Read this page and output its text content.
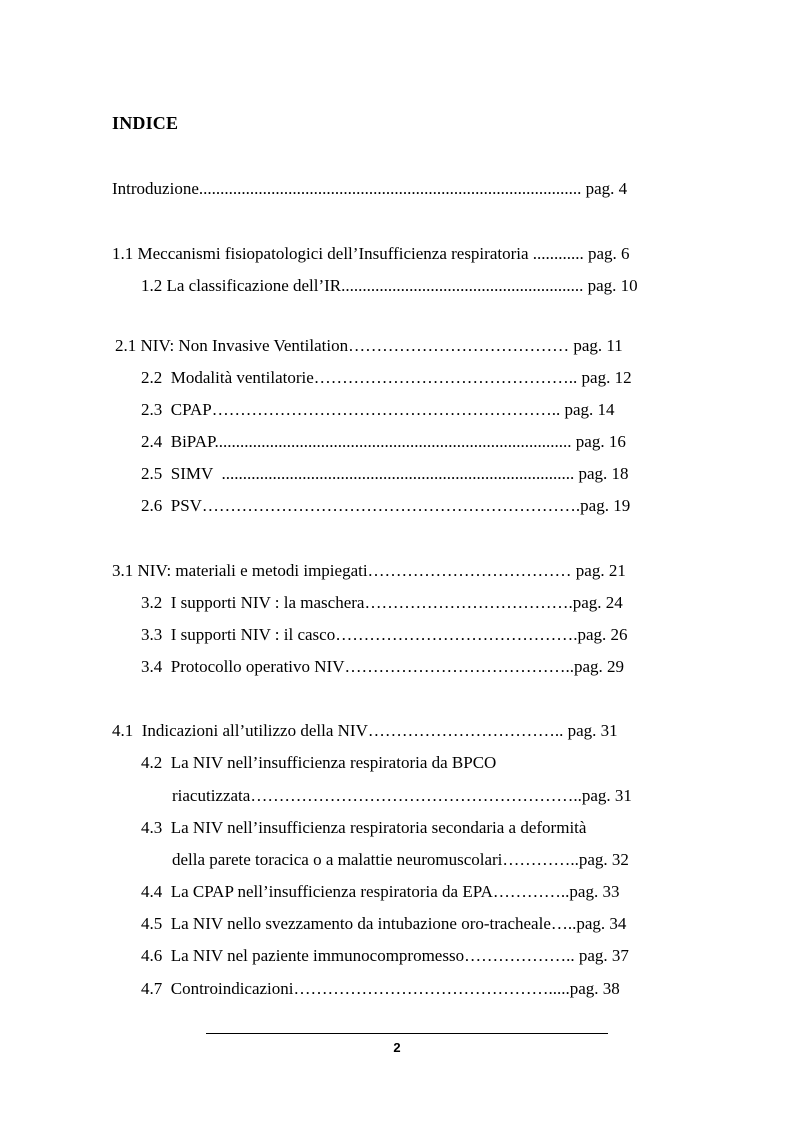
INDICE
Introduzione.......................................................................................... pag. 4
1.1 Meccanismi fisiopatologici dell’Insufficienza respiratoria ............ pag. 6
1.2 La classificazione dell’IR......................................................... pag. 10
2.1 NIV: Non Invasive Ventilation………………………………… pag. 11
2.2  Modalità ventilatorie……………………………………….. pag. 12
2.3  CPAP…………………………………………………….. pag. 14
2.4  BiPAP.................................................................................... pag. 16
2.5  SIMV  ................................................................................... pag. 18
2.6  PSV………………………………………………………….pag. 19
3.1 NIV: materiali e metodi impiegati……………………………… pag. 21
3.2  I supporti NIV : la maschera……………………………….pag. 24
3.3  I supporti NIV : il casco…………………………………….pag. 26
3.4  Protocollo operativo NIV…………………………………..pag. 29
4.1  Indicazioni all’utilizzo della NIV…………………………….. pag. 31
4.2  La NIV nell’insufficienza respiratoria da BPCO
riacutizzata…………………………………………………..pag. 31
4.3  La NIV nell’insufficienza respiratoria secondaria a deformità
della parete toracica o a malattie neuromuscolari…………..pag. 32
4.4  La CPAP nell’insufficienza respiratoria da EPA…………..pag. 33
4.5  La NIV nello svezzamento da intubazione oro-tracheale…..pag. 34
4.6  La NIV nel paziente immunocompromesso……………….. pag. 37
4.7  Controindicazioni……………………………………….....pag. 38
2
